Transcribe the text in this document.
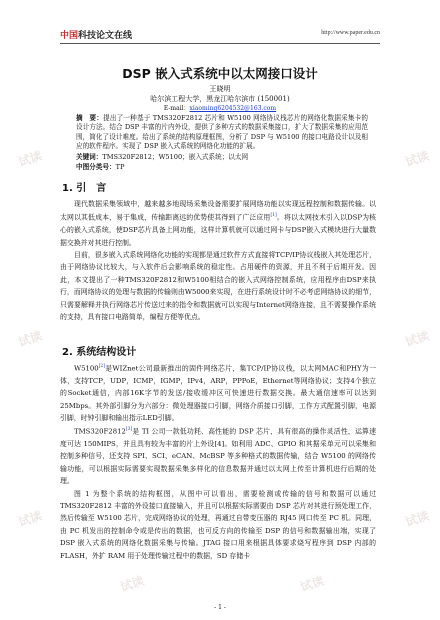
试读	试读
试读	试读
试读	试读
试读	试读
中国科技论文在线	http://www.paper.edu.cn
DSP 嵌入式系统中以太网接口设计
王晓明
哈尔滨工程大学，黑龙江哈尔滨市 (150001)
E-mail：xiaoming6204532@163.com
摘　要：提出了一种基于 TMS320F2812 芯片和 W5100 网络协议栈芯片的网络化数据采集卡的设计方法。结合 DSP 丰富的片内外设，提供了多种方式的数据采集接口，扩大了数据采集的应用范围，简化了设计难度。给出了系统的结构原理框图，分析了 DSP 与 W5100 的接口电路设计以及相应的软件程序。实现了 DSP 嵌入式系统的网络化功能的扩展。
关键词：TMS320F2812；W5100；嵌入式系统；以太网
中图分类号：TP
1. 引　言

现代数据采集领域中，越来越多地现场采集设备需要扩展网络功能以实现远程控制和数据传输。以太网以其低成本，易于集成，传输距离远的优势使其得到了广泛应用[1]。将以太网技术引入以DSP为核心的嵌入式系统，使DSP芯片具备上网功能，这样计算机就可以通过网卡与DSP嵌入式模块进行大量数据交换并对其进行控制。

目前，很多嵌入式系统网络化功能的实现都是通过软件方式直接将TCP/IP协议栈嵌入其处理芯片，由于网络协议比较大，与入软件后会影响系统的稳定性。占用硬件的资源，并且不利于后期开发。因此，本文提出了一种TMS320F2812和W5100相结合的嵌入式网络控制系统，应用程序由DSP来执行，而网络协议的处理与数据的传输则由W5000来实现，在进行系统设计时不必考虑网络协议的细节，只需要解释并执行网络芯片传送过来的指令和数据就可以实现与Internet网络连接，且不需要操作系统的支持，具有接口电路简单，编程方便等优点。

2. 系统结构设计

W5100[2]是WIZnet公司最新推出的固件网络芯片，集TCP/IP协议栈，以太网MAC和PHY为一体，支持TCP，UDP，ICMP，IGMP，IPv4，ARP，PPPoE，Ethernet等网络协议；支持4个独立的Socket通信，内部16K字节的发送/接收缓冲区可快速进行数据交换。最大通信速率可以达到25Mbps。其外部引脚分为六部分：微处理器接口引脚，网络介质接口引脚，工作方式配置引脚，电源引脚，时钟引脚和输出指示LED引脚。

TMS320F2812[3]是 TI 公司一款低功耗、高性能的 DSP 芯片，具有很高的操作灵活性，运算速度可达 150MIPS，并且具有较为丰富的片上外设[4]。如利用 ADC、GPIO 和其据采单元可以采集和控制多种信号，还支持 SPI、SCI、eCAN、McBSP 等多种格式的数据传输，结合 W5100 的网络传输功能，可以根据实际需要实现数据采集多样化的信息数据并通过以太网上传至计算机进行后期的处理。

图 1 为整个系统的结构框图，从图中可以看出，需要检测或传输的信号和数据可以通过 TMS320F2812 丰富的外设接口直接输入，并且可以根据实际需要由 DSP 芯片对其进行预处理工作，然后传输至 W5100 芯片，完成网络协议的处理，再通过自带变压器的 RJ45 网口传至 PC 机。同理，由 PC 机发出的控制命令或是传出的数据，也可反方向的传输至 DSP 的信号和数据输出端，实现了 DSP 嵌入式系统的网络化数据采集与传输。JTAG 接口用来根据具体要求烧写程序到 DSP 内部的 FLASH，外扩 RAM 用于处理传输过程中的数据，SD 存储卡

- 1 -
